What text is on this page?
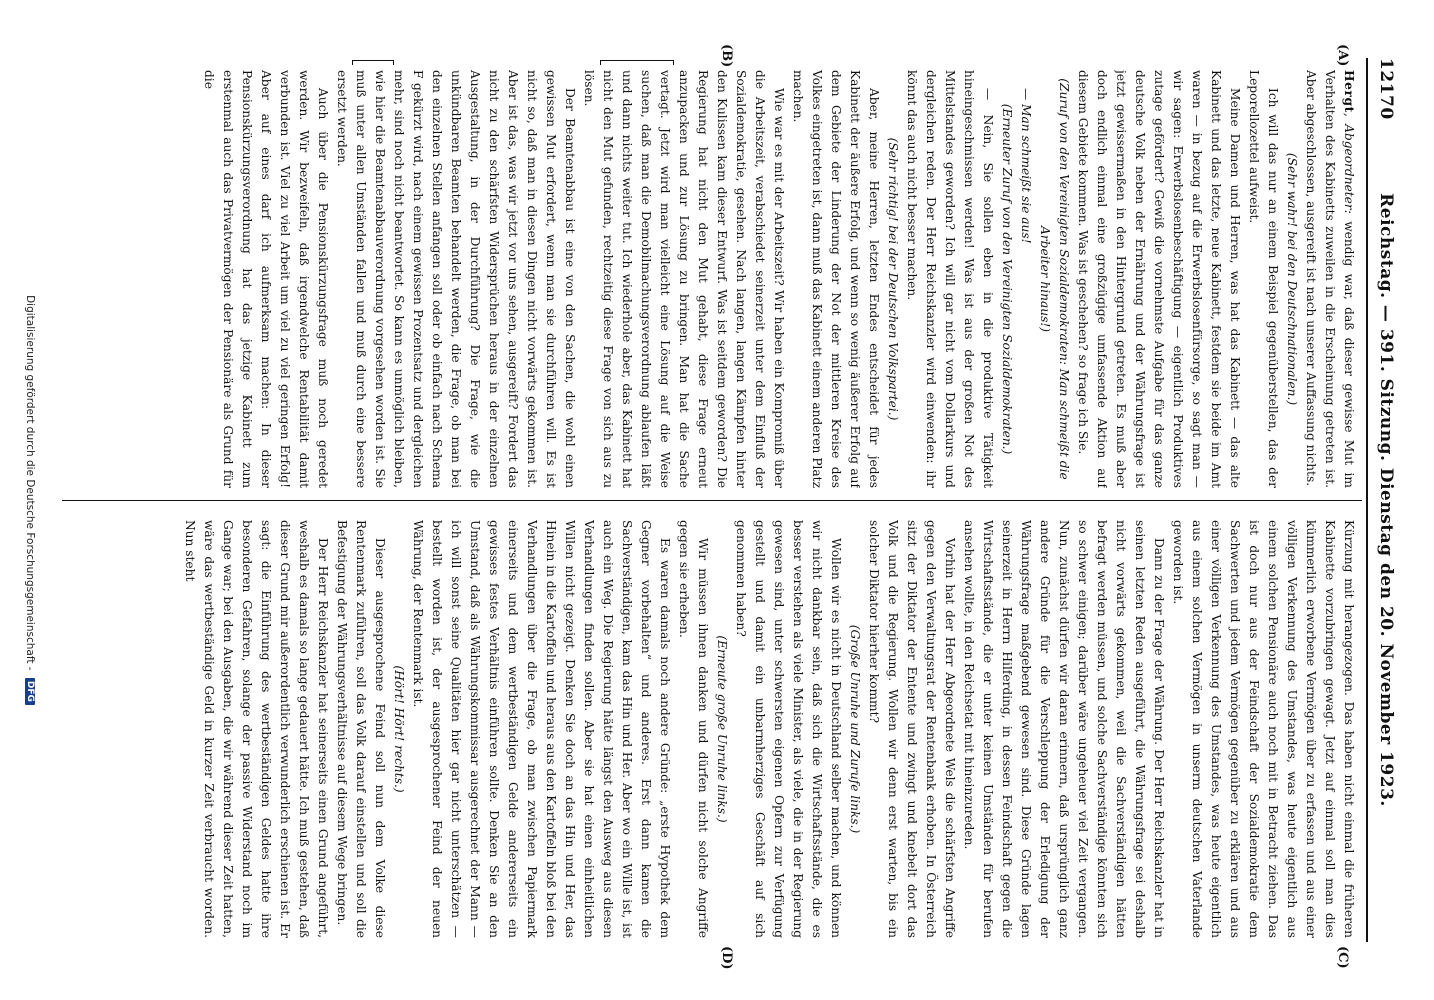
12170
Reichstag. — 391. Sitzung. Dienstag den 20. November 1923.
(A)
(B)
(C)
(D)

Hergt, Abgeordneter: wendig war, daß dieser gewisse Mut im Verhalten des Kabinetts zuweilen in die Erscheinung getreten ist. Aber abgeschlossen, ausgereift ist nach unserer Auffassung nichts.

(Sehr wahr! bei den Deutschnationalen.)

Ich will das nur an einem Beispiel gegenüberstellen, das der Leporellozettel aufweist.

Meine Damen und Herren, was hat das Kabinett — das alte Kabinett und das letzte, neue Kabinett, festdem sie beide im Amt waren — in bezug auf die Erwerbslosenfürsorge, so sagt man — wir sagen: Erwerbslosenbeschäftigung — eigentlich Produktives zutage gefördert? Gewiß die vornehmste Aufgabe für das ganze deutsche Volk neben der Ernährung und der Währungsfrage ist jetzt gewissermaßen in den Hintergrund getreten. Es muß aber doch endlich einmal eine großzügige umfassende Aktion auf diesem Gebiete kommen. Was ist geschehen? so frage ich Sie.

(Zuruf von den Vereinigten Sozialdemokraten: Man schmeißt die Arbeiter hinaus!)

— Man schmeißt sie aus!

(Erneuter Zuruf von den Vereinigten Sozialdemokraten.)

— Nein, Sie sollen eben in die produktive Tätigkeit hineingeschmissen werden! Was ist aus der großen Not des Mittelstandes geworden? Ich will gar nicht vom Dollarkurs und dergleichen reden. Der Herr Reichskanzler wird einwenden: ihr könnt das auch nicht besser machen.

(Sehr richtig! bei der Deutschen Volkspartei.)

Aber, meine Herren, letzten Endes entscheidet für jedes Kabinett der äußere Erfolg, und wenn so wenig äußerer Erfolg auf dem Gebiete der Linderung der Not der mittleren Kreise des Volkes eingetreten ist, dann muß das Kabinett einem anderen Platz machen.

Wie war es mit der Arbeitszeit? Wir haben ein Kompromiß über die Arbeitszeit, verabschiedet seinerzeit unter dem Einfluß der Sozialdemokratie, gesehen. Nach langen, langen Kämpfen hinter den Kulissen kam dieser Entwurf. Was ist seitdem geworden? Die Regierung hat nicht den Mut gehabt, diese Frage erneut anzupacken und zur Lösung zu bringen. Man hat die Sache vertagt. Jetzt wird man vielleicht eine Lösung auf die Weise suchen, daß man die Demobilmachungsverordnung ablaufen läßt und dann nichts weiter tut. Ich wiederhole aber, das Kabinett hat nicht den Mut gefunden, rechtzeitig diese Frage von sich aus zu lösen.

Der Beamtenabbau ist eine von den Sachen, die wohl einen gewissen Mut erfordert, wenn man sie durchführen will. Es ist nicht so, daß man in diesen Dingen nicht vorwärts gekommen ist. Aber ist das, was wir jetzt vor uns sehen, ausgereift? Fordert das nicht zu den schärfsten Widersprüchen heraus in der einzelnen Ausgestaltung, in der Durchführung? Die Frage, wie die unkündbaren Beamten behandelt werden, die Frage, ob man bei den einzelnen Stellen anfangen soll oder ob einfach nach Schema F gekürzt wird, nach einem gewissen Prozentsatz und dergleichen mehr, sind noch nicht beantwortet. So kann es unmöglich bleiben, wie hier die Beamtenabbauverordnung vorgesehen worden ist. Sie muß unter allen Umständen fallen und muß durch eine bessere ersetzt werden.

Auch über die Pensionskürzungsfrage muß noch geredet werden. Wir bezweifeln, daß irgendwelche Rentabilität damit verbunden ist. Viel zu viel Arbeit um viel zu viel geringen Erfolg! Aber auf eines darf ich aufmerksam machen: In dieser Pensionskürzungsverordnung hat das jetzige Kabinett zum erstenmal auch das Privatvermögen der Pensionäre als Grund für die

Kürzung mit herangezogen. Das haben nicht einmal die früheren Kabinette vorzubringen gewagt. Jetzt auf einmal soll man dies kümmerlich erworbene Vermögen über zu erfassen und aus einer völligen Verkennung des Umstandes, was heute eigentlich aus einem solchen Pensionäre auch noch mit in Betracht ziehen. Das ist doch nur aus der Feindschaft der Sozialdemokratie dem Sachwerten und jedem Vermögen gegenüber zu erklären und aus einer völligen Verkennung des Umstandes, was heute eigentlich aus einem solchen Vermögen in unserm deutschen Vaterlande geworden ist.

Dann zu der Frage der Währung. Der Herr Reichskanzler hat in seinen letzten Reden ausgeführt, die Währungsfrage sei deshalb nicht vorwärts gekommen, weil die Sachverständigen hätten befragt werden müssen, und solche Sachverständige könnten sich so schwer einigen; darüber wäre ungeheuer viel Zeit vergangen. Nun, zunächst dürfen wir daran erinnern, daß ursprünglich ganz andere Gründe für die Verschleppung der Erledigung der Währungsfrage maßgebend gewesen sind. Diese Gründe lagen seinerzeit in Herrn Hilferding, in dessen Feindschaft gegen die Wirtschaftsstände, die er unter keinen Umständen für berufen ansehen wollte, in den Reichsetat mit hineinzureden.

Vorhin hat der Herr Abgeordnete Wels die schärfsten Angriffe gegen den Verwaltungsrat der Rentenbank erhoben. In Österreich sitzt der Diktator der Entente und zwingt und knebelt dort das Volk und die Regierung. Wollen wir denn erst warten, bis ein solcher Diktator hierher kommt?

(Große Unruhe und Zurufe links.)

Wollen wir es nicht in Deutschland selber machen, und können wir nicht dankbar sein, daß sich die Wirtschaftsstände, die es besser verstehen als viele Minister, als viele, die in der Regierung gewesen sind, unter schwersten eigenen Opfern zur Verfügung gestellt und damit ein unbarmherziges Geschäft auf sich genommen haben?

(Erneute große Unruhe links.)

Wir müssen ihnen danken und dürfen nicht solche Angriffe gegen sie erheben.

Es waren damals noch andere Gründe: „erste Hypothek dem Gegner vorbehalten“ und anderes. Erst dann kamen die Sachverständigen, kam das Hin und Her. Aber wo ein Wille ist, ist auch ein Weg. Die Regierung hätte längst den Ausweg aus diesen Verhandlungen finden sollen. Aber sie hat einen einheitlichen Willen nicht gezeigt. Denken Sie doch an das Hin und Her, das Hinein in die Kartoffeln und heraus aus den Kartoffeln bloß bei den Verhandlungen über die Frage, ob man zwischen Papiermark einerseits und dem wertbeständigen Gelde andererseits ein gewisses festes Verhältnis einführen sollte. Denken Sie an den Umstand, daß als Währungskommissar ausgerechnet der Mann — ich will sonst seine Qualitäten hier gar nicht unterschätzen — bestellt worden ist, der ausgesprochener Feind der neuen Währung, der Rentenmark ist.

(Hört! Hört! rechts.)

Dieser ausgesprochene Feind soll nun dem Volke diese Rentenmark zuführen, soll das Volk darauf einstellen und soll die Befestigung der Währungsverhältnisse auf diesem Wege bringen.

Der Herr Reichskanzler hat seinerseits einen Grund angeführt, weshalb es damals so lange gedauert hätte. Ich muß gestehen, daß dieser Grund mir außerordentlich verwunderlich erschienen ist. Er sagt: die Einführung des wertbeständigen Geldes hatte ihre besonderen Gefahren, solange der passive Widerstand noch im Gange war; bei den Ausgaben, die wir während dieser Zeit hatten, wäre das wertbeständige Geld in kurzer Zeit verbraucht worden. Nun steht

Digitalisierung gefördert durch die Deutsche Forschungsgemeinschaft - DFG
